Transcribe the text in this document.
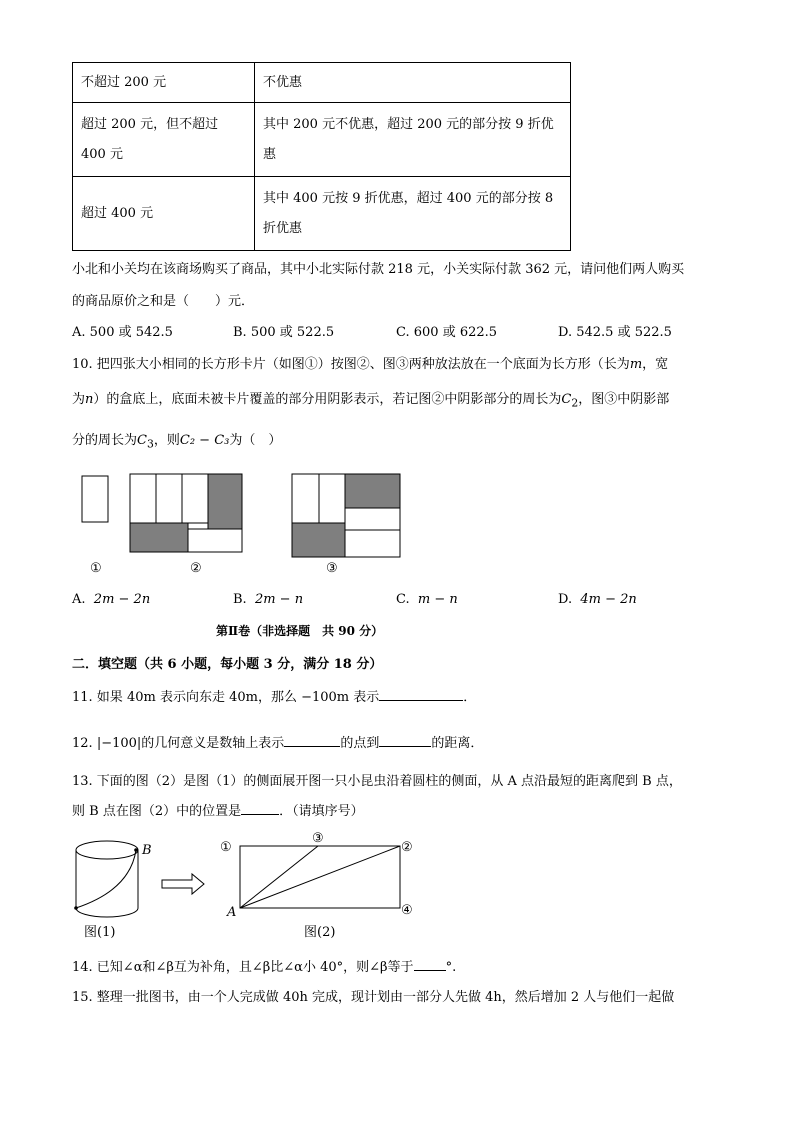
不超过 200 元	不优惠
超过 200 元，但不超过 400 元	其中 200 元不优惠，超过 200 元的部分按 9 折优惠
超过 400 元	其中 400 元按 9 折优惠，超过 400 元的部分按 8 折优惠
小北和小关均在该商场购买了商品，其中小北实际付款 218 元，小关实际付款 362 元，请问他们两人购买
的商品原价之和是（　　）元．
A. 500 或 542.5	B. 500 或 522.5	C. 600 或 622.5	D. 542.5 或 522.5
10. 把四张大小相同的长方形卡片（如图①）按图②、图③两种放法放在一个底面为长方形（长为m，宽
为n）的盒底上，底面未被卡片覆盖的部分用阴影表示，若记图②中阴影部分的周长为$C_2$，图③中阴影部
分的周长为$C_3$，则C₂ − C₃为（　）
①	②	③
A. 2m − 2n	B. 2m − n	C. m − n	D. 4m − 2n
第Ⅱ卷（非选择题　共 90 分）
二．填空题（共 6 小题，每小题 3 分，满分 18 分）
11. 如果 40m 表示向东走 40m，那么 −100m 表示	．
12. |−100|的几何意义是数轴上表示	的点到	的距离．
13. 下面的图（2）是图（1）的侧面展开图一只小昆虫沿着圆柱的侧面，从 A 点沿最短的距离爬到 B 点，
则 B 点在图（2）中的位置是	．（请填序号）
B
图(1)
①
③
②
④
A
图(2)
14. 已知∠α和∠β互为补角，且∠β比∠α小 40°，则∠β等于 °.
15. 整理一批图书，由一个人完成做 40h 完成，现计划由一部分人先做 4h，然后增加 2 人与他们一起做
